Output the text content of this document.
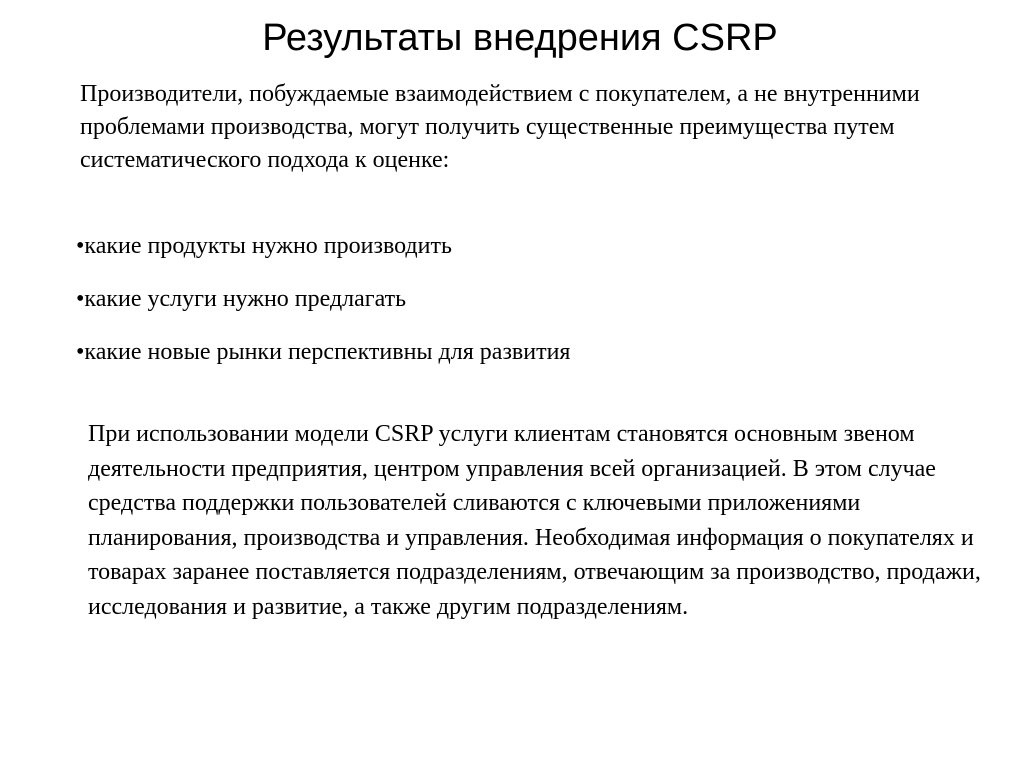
Результаты внедрения CSRP

Производители, побуждаемые взаимодействием с покупателем, а не внутренними проблемами производства, могут получить существенные преимущества путем систематического подхода к оценке:

•какие продукты нужно производить
•какие услуги нужно предлагать
•какие новые рынки перспективны для развития

При использовании модели CSRP услуги клиентам становятся основным звеном деятельности предприятия, центром управления всей организацией. В этом случае средства поддержки пользователей сливаются с ключевыми приложениями планирования, производства и управления. Необходимая информация о покупателях и товарах заранее поставляется подразделениям, отвечающим за производство, продажи, исследования и развитие, а также другим подразделениям.
